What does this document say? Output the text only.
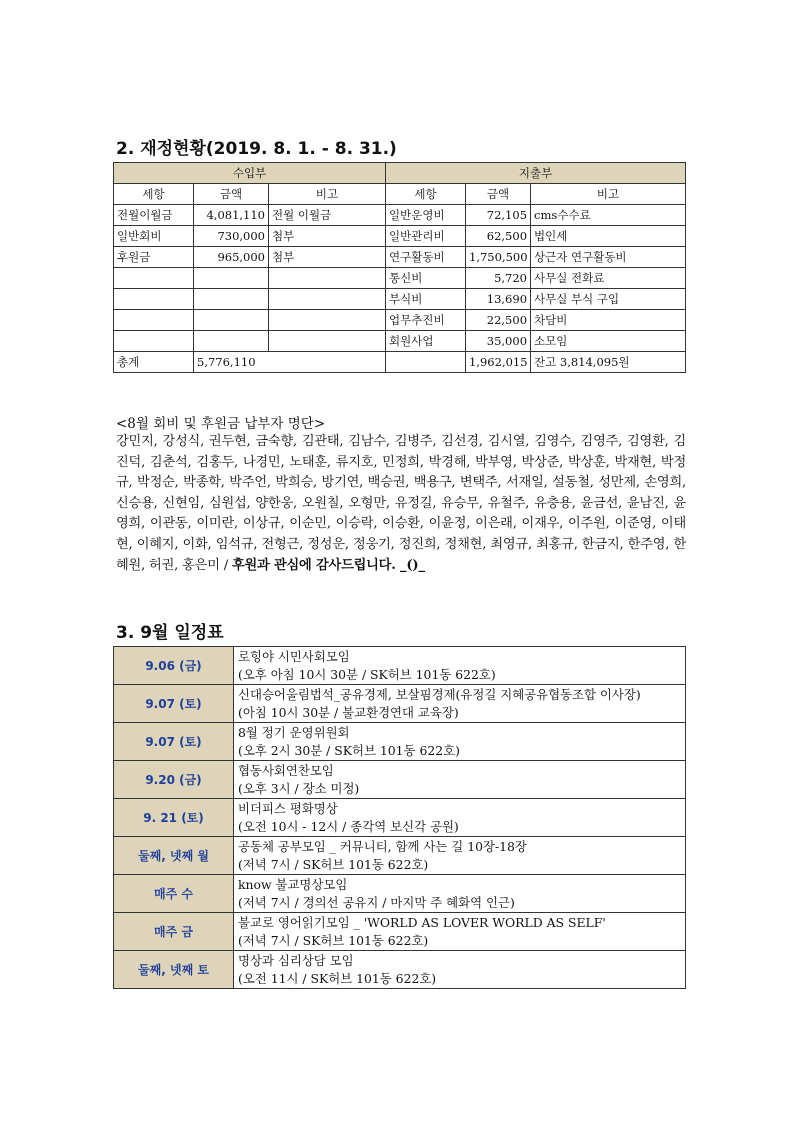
2. 재정현황(2019. 8. 1. - 8. 31.)
수입부			지출부		
세항	금액	비고	세항	금액	비고
전월이월금	4,081,110	전월 이월금	일반운영비	72,105	cms수수료
일반회비	730,000	첨부	일반관리비	62,500	법인세
후원금	965,000	첨부	연구활동비	1,750,500	상근자 연구활동비
			통신비	5,720	사무실 전화료
			부식비	13,690	사무실 부식 구입
			업무추진비	22,500	차담비
			회원사업	35,000	소모임
총계	5,776,110			1,962,015	잔고 3,814,095원
<8월 회비 및 후원금 납부자 명단>
강민지, 강성식, 권두현, 금숙향, 김관태, 김남수, 김병주, 김선경, 김시열, 김영수, 김영주, 김영환, 김진덕, 김춘석, 김홍두, 나경민, 노태훈, 류지호, 민정희, 박경해, 박부영, 박상준, 박상훈, 박재현, 박정규, 박정순, 박종학, 박주언, 박희승, 방기연, 백승권, 백용구, 변택주, 서재일, 설동철, 성만제, 손영희, 신승용, 신현임, 심원섭, 양한웅, 오원칠, 오형만, 유정길, 유승무, 유철주, 유충용, 윤금선, 윤남진, 윤영희, 이관동, 이미란, 이상규, 이순민, 이승락, 이승환, 이윤정, 이은래, 이재우, 이주원, 이준영, 이태현, 이혜지, 이화, 임석규, 전형근, 정성운, 정웅기, 정진희, 정채현, 최영규, 최홍규, 한금지, 한주영, 한혜원, 허권, 홍은미 / 후원과 관심에 감사드립니다. _()_
3. 9월 일정표
9.06 (금)	로힝야 시민사회모임
(오후 아침 10시 30분 / SK허브 101동 622호)

9.07 (토)	신대승어울림법석_공유경제, 보살핌경제(유정길 지혜공유협동조합 이사장)
(아침 10시 30분 / 불교환경연대 교육장)

9.07 (토)	8월 정기 운영위원회
(오후 2시 30분 / SK허브 101동 622호)

9.20 (금)	협동사회연찬모임
(오후 3시 / 장소 미정)

9. 21 (토)	비더피스 평화명상
(오전 10시 - 12시 / 종각역 보신각 공원)

둘째, 넷째 월	공동체 공부모임 _ 커뮤니티, 함께 사는 길 10장-18장
(저녁 7시 / SK허브 101동 622호)

매주 수	know 불교명상모임
(저녁 7시 / 경의선 공유지 / 마지막 주 혜화역 인근)

매주 금	불교로 영어읽기모임 _ 'WORLD AS LOVER WORLD AS SELF'
(저녁 7시 / SK허브 101동 622호)

둘째, 넷째 토	명상과 심리상담 모임
(오전 11시 / SK허브 101동 622호)
